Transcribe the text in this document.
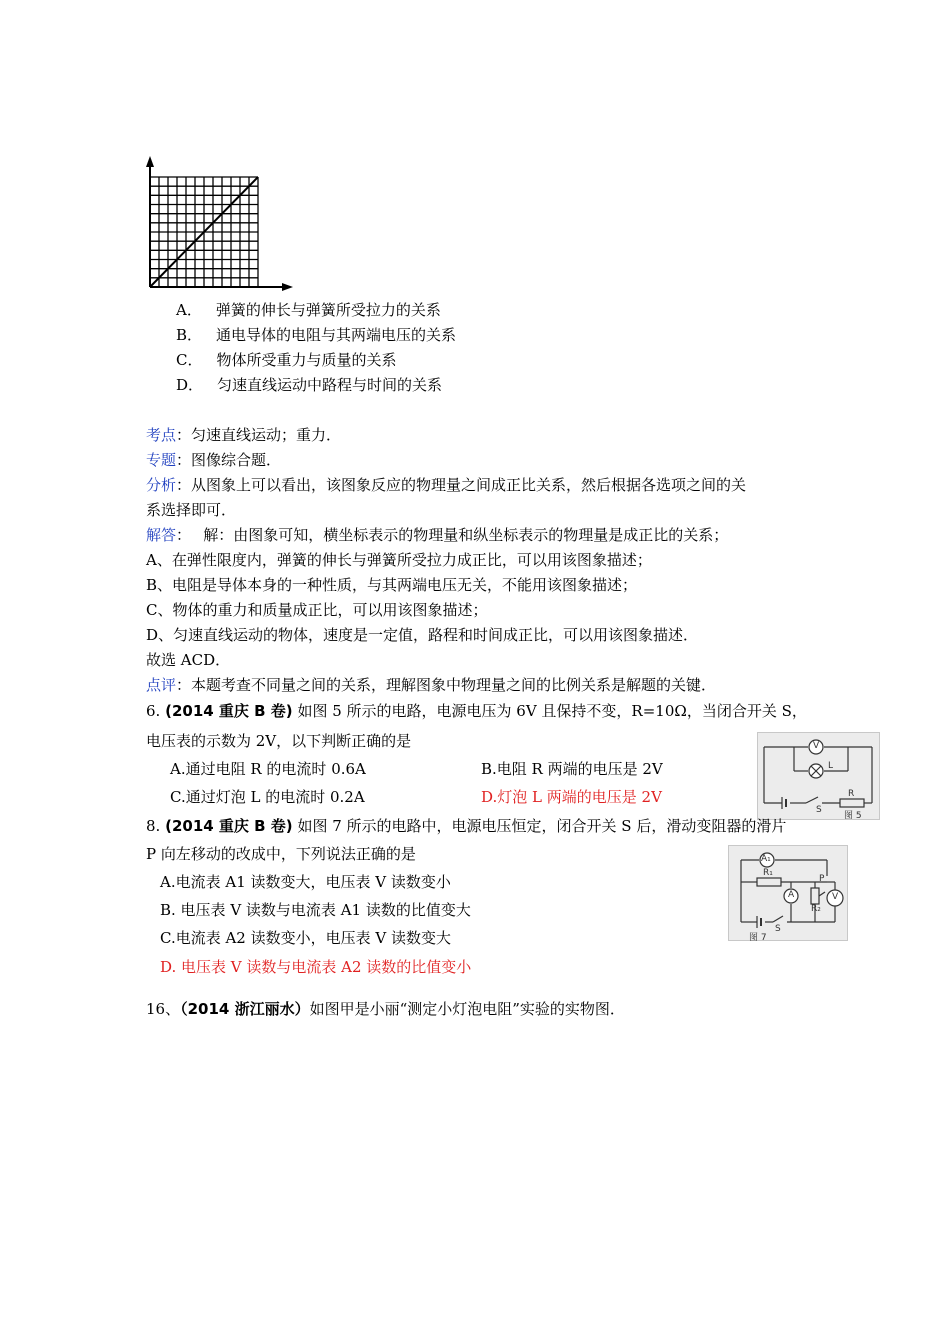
A． 弹簧的伸长与弹簧所受拉力的关系
B． 通电导体的电阻与其两端电压的关系
C． 物体所受重力与质量的关系
D． 匀速直线运动中路程与时间的关系
考点：匀速直线运动；重力．
专题：图像综合题．
分析：从图象上可以看出，该图象反应的物理量之间成正比关系，然后根据各选项之间的关
系选择即可．
解答：　 解：由图象可知，横坐标表示的物理量和纵坐标表示的物理量是成正比的关系；
A、在弹性限度内，弹簧的伸长与弹簧所受拉力成正比，可以用该图象描述；
B、电阻是导体本身的一种性质，与其两端电压无关，不能用该图象描述；
C、物体的重力和质量成正比，可以用该图象描述；
D、匀速直线运动的物体，速度是一定值，路程和时间成正比，可以用该图象描述．
故选 ACD．
点评：本题考查不同量之间的关系，理解图象中物理量之间的比例关系是解题的关键．
6. (2014 重庆 B 卷) 如图 5 所示的电路，电源电压为 6V 且保持不变，R=10Ω，当闭合开关 S，
电压表的示数为 2V，以下判断正确的是
A.通过电阻 R 的电流时 0.6A	B.电阻 R 两端的电压是 2V
C.通过灯泡 L 的电流时 0.2A	D.灯泡 L 两端的电压是 2V
V
L
S
R
图 5
8. (2014 重庆 B 卷) 如图 7 所示的电路中，电源电压恒定，闭合开关 S 后，滑动变阻器的滑片
P 向左移动的改成中，下列说法正确的是
A.电流表 A1 读数变大，电压表 V 读数变小
B. 电压表 V 读数与电流表 A1 读数的比值变大
C.电流表 A2 读数变小，电压表 V 读数变大
D. 电压表 V 读数与电流表 A2 读数的比值变小
A₁
R₁
A
P
R₂
V
S
图 7
16、（2014 浙江丽水）如图甲是小丽“测定小灯泡电阻”实验的实物图．
